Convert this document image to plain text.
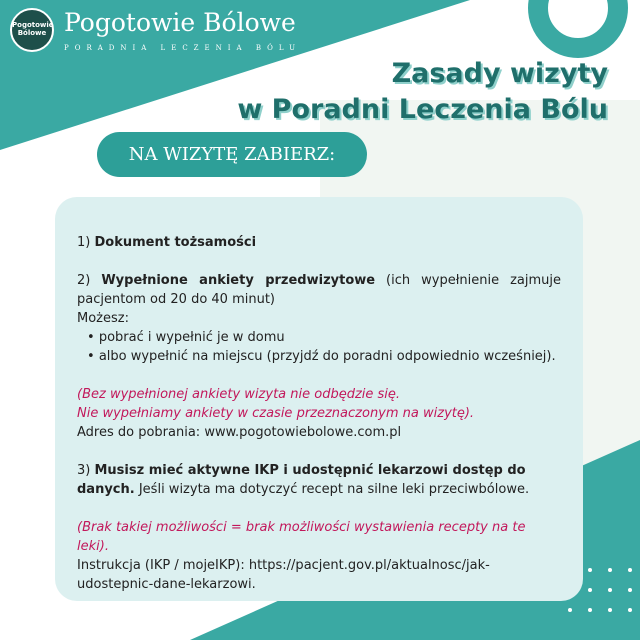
Pogotowie Bólowe Pogotowie Bólowe
PORADNIA LECZENIA BÓLU
Zasady wizyty
w Poradni Leczenia Bólu
NA WIZYTĘ ZABIERZ:

1) Dokument tożsamości

2) Wypełnione ankiety przedwizytowe (ich wypełnienie zajmuje pacjentom od 20 do 40 minut)

Możesz:

• pobrać i wypełnić je w domu
• albo wypełnić na miejscu (przyjdź do poradni odpowiednio wcześniej).

(Bez wypełnionej ankiety wizyta nie odbędzie się.

Nie wypełniamy ankiety w czasie przeznaczonym na wizytę).

Adres do pobrania: www.pogotowiebolowe.com.pl

3) Musisz mieć aktywne IKP i udostępnić lekarzowi dostęp do danych. Jeśli wizyta ma dotyczyć recept na silne leki przeciwbólowe.

(Brak takiej możliwości = brak możliwości wystawienia recepty na te leki).

Instrukcja (IKP / mojeIKP): https://pacjent.gov.pl/aktualnosc/jak-udostepnic-dane-lekarzowi.
